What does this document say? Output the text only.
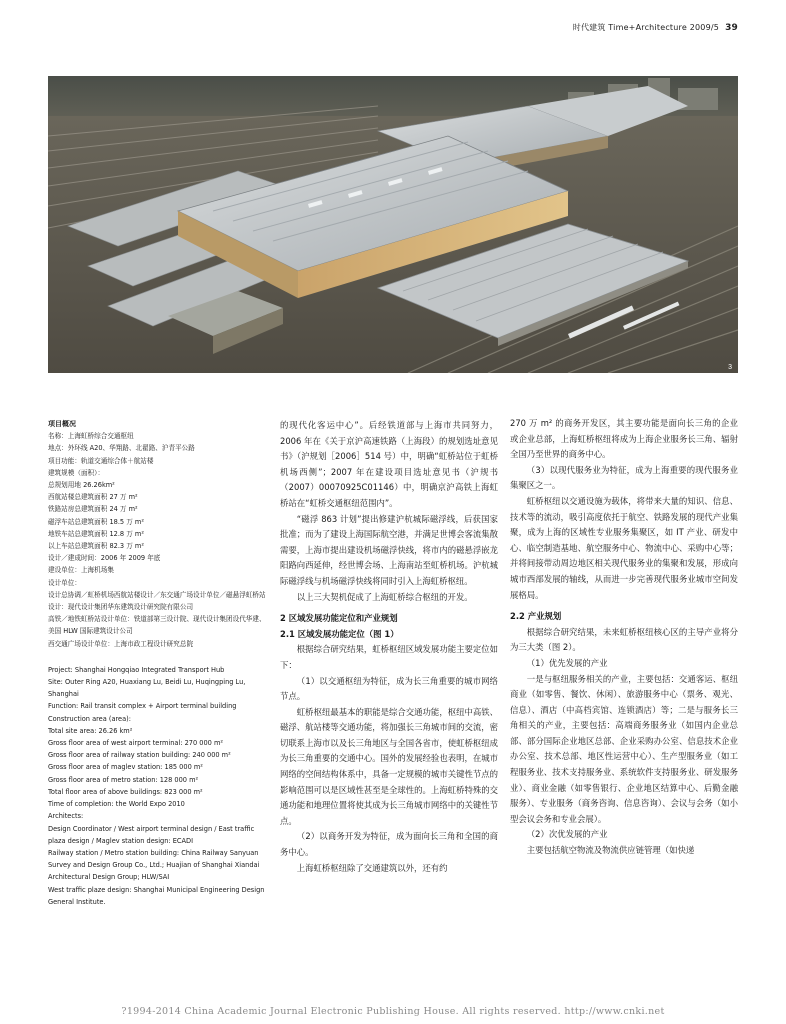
时代建筑 Time+Architecture 2009/5 39
3
项目概况
名称：上海虹桥综合交通枢纽
地点：外环线 A20、华翔路、北翟路、沪青平公路
项目功能：轨道交通综合体＋航站楼
建筑规模（面积）：
总规划用地 26.26km²
西航站楼总建筑面积 27 万 m²
铁路站房总建筑面积 24 万 m²
磁浮车站总建筑面积 18.5 万 m²
地铁车站总建筑面积 12.8 万 m²
以上车站总建筑面积 82.3 万 m²
设计／建成时间：2006 年 2009 年底
建设单位：上海机场集
设计单位：
设计总协调／虹桥机场西航站楼设计／东交通广场设计单位／磁悬浮虹桥站设计：现代设计集团华东建筑设计研究院有限公司
高铁／地铁虹桥站设计单位：铁道部第三设计院、现代设计集团设代华建、美国 HLW 国际建筑设计公司
西交通广场设计单位：上海市政工程设计研究总院
Project: Shanghai Hongqiao Integrated Transport Hub
Site: Outer Ring A20, Huaxiang Lu, Beidi Lu, Huqingping Lu, Shanghai
Function: Rail transit complex + Airport terminal building
Construction area (area):
Total site area: 26.26 km²
Gross floor area of west airport terminal: 270 000 m²
Gross floor area of railway station building: 240 000 m²
Gross floor area of maglev station: 185 000 m²
Gross floor area of metro station: 128 000 m²
Total floor area of above buildings: 823 000 m²
Time of completion: the World Expo 2010
Architects:
Design Coordinator / West airport terminal design / East traffic plaza design / Maglev station design: ECADI
Railway station / Metro station building: China Railway Sanyuan Survey and Design Group Co., Ltd.; Huajian of Shanghai Xiandai Architectural Design Group; HLW/SAI
West traffic plaze design: Shanghai Municipal Engineering Design General Institute.

的现代化客运中心”。后经铁道部与上海市共同努力，2006 年在《关于京沪高速铁路（上海段）的规划选址意见书》（沪规划［2006］514 号）中，明确“虹桥站位于虹桥机场西侧”；2007 年在建设项目选址意见书（沪规书（2007）00070925C01146）中，明确京沪高铁上海虹桥站在“虹桥交通枢纽范围内”。

“磁浮 863 计划”提出修建沪杭城际磁浮线，后获国家批准；而为了建设上海国际航空港，并满足世博会客流集散需要，上海市提出建设机场磁浮快线，将市内的磁悬浮嵌龙阳路向西延伸，经世博会场、上海南站至虹桥机场。沪杭城际磁浮线与机场磁浮快线将同时引入上海虹桥枢纽。

以上三大契机促成了上海虹桥综合枢纽的开发。

2 区域发展功能定位和产业规划

2.1 区域发展功能定位（图 1）

根据综合研究结果，虹桥枢纽区域发展功能主要定位如下：

（1）以交通枢纽为特征，成为长三角重要的城市网络节点。

虹桥枢纽最基本的职能是综合交通功能，枢纽中高铁、磁浮、航站楼等交通功能，将加强长三角城市间的交流，密切联系上海市以及长三角地区与全国各省市，使虹桥枢纽成为长三角重要的交通中心。国外的发展经验也表明，在城市网络的空间结构体系中，具备一定规模的城市关键性节点的影响范围可以是区域性甚至是全球性的。上海虹桥特殊的交通功能和地理位置将使其成为长三角城市网络中的关键性节点。

（2）以商务开发为特征，成为面向长三角和全国的商务中心。

上海虹桥枢纽除了交通建筑以外，还有约

270 万 m² 的商务开发区，其主要功能是面向长三角的企业或企业总部，上海虹桥枢纽将成为上海企业服务长三角、辐射全国乃至世界的商务中心。

（3）以现代服务业为特征，成为上海重要的现代服务业集聚区之一。

虹桥枢纽以交通设施为载体，将带来大量的知识、信息、技术等的流动，吸引高度依托于航空、铁路发展的现代产业集聚，成为上海的区域性专业服务集聚区，如 IT 产业、研发中心、临空制造基地、航空服务中心、物流中心、采购中心等；并将间接带动周边地区相关现代服务业的集聚和发展，形成向城市西部发展的轴线，从而进一步完善现代服务业城市空间发展格局。

2.2 产业规划

根据综合研究结果，未来虹桥枢纽核心区的主导产业将分为三大类（图 2）。

（1）优先发展的产业

一是与枢纽服务相关的产业，主要包括：交通客运、枢纽商业（如零售、餐饮、休闲）、旅游服务中心（票务、观光、信息）、酒店（中高档宾馆、连锁酒店）等；二是与服务长三角相关的产业，主要包括：高端商务服务业（如国内企业总部、部分国际企业地区总部、企业采购办公室、信息技术企业办公室、技术总部、地区性运营中心）、生产型服务业（如工程服务业、技术支持服务业、系统软件支持服务业、研发服务业）、商业金融（如零售银行、企业地区结算中心、后勤金融服务）、专业服务（商务咨询、信息咨询）、会议与会务（如小型会议会务和专业会展）。

（2）次优发展的产业

主要包括航空物流及物流供应链管理（如快递

?1994-2014 China Academic Journal Electronic Publishing House. All rights reserved. http://www.cnki.net
